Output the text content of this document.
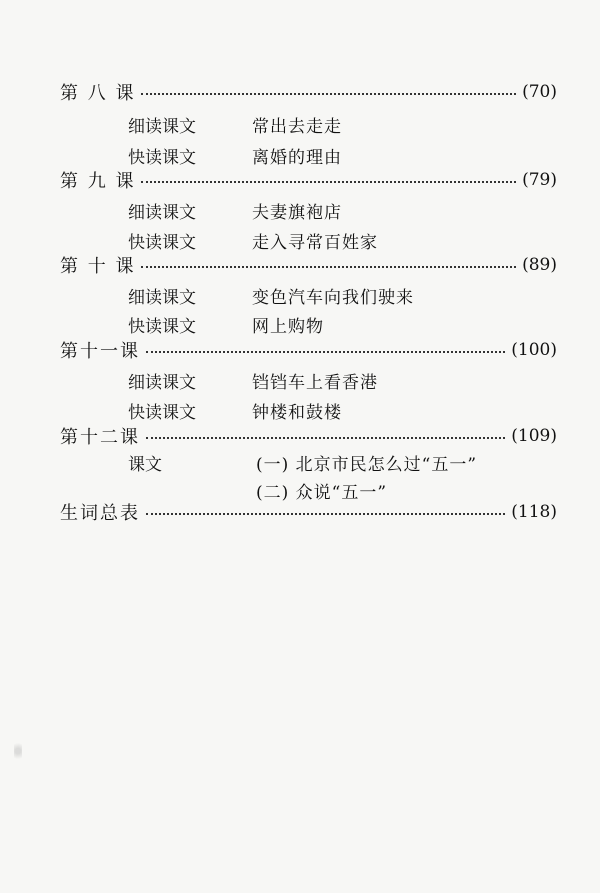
第 八 课	(70)
细读课文	常出去走走
快读课文	离婚的理由
第 九 课	(79)
细读课文	夫妻旗袍店
快读课文	走入寻常百姓家
第 十 课	(89)
细读课文	变色汽车向我们驶来
快读课文	网上购物
第十一课	(100)
细读课文	铛铛车上看香港
快读课文	钟楼和鼓楼
第十二课	(109)
课文	(一) 北京市民怎么过“五一”
(二) 众说“五一”
生词总表	(118)
